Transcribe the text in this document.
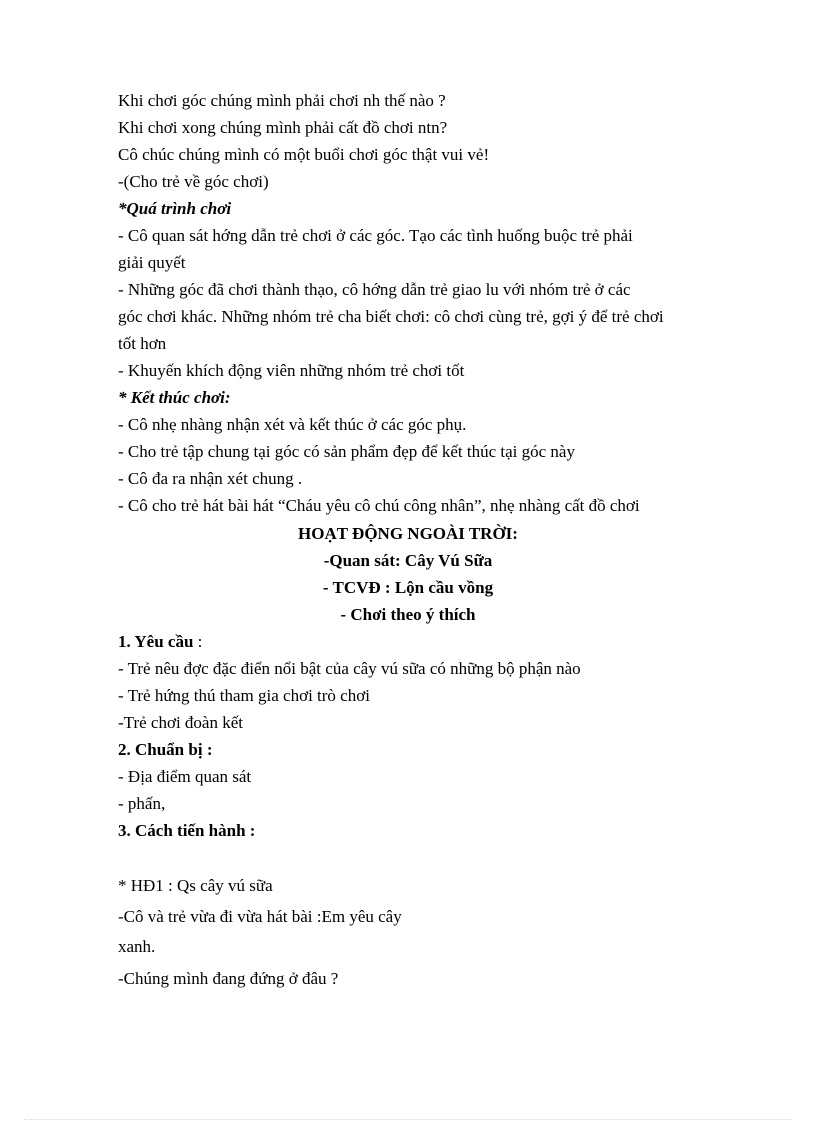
Khi chơi góc chúng mình phải chơi nh thế nào ?
Khi chơi xong chúng mình phải cất đồ chơi ntn?
Cô chúc chúng mình có một buổi chơi góc thật vui vẻ!
-(Cho trẻ về góc chơi)
*Quá trình chơi
- Cô quan sát hớng dẫn trẻ chơi ở các góc. Tạo các tình huống buộc trẻ phải
giải quyết
- Những góc đã chơi thành thạo, cô hớng dẫn trẻ giao lu với nhóm trẻ ở các
góc chơi khác. Những nhóm trẻ cha biết chơi: cô chơi cùng trẻ, gợi ý để trẻ chơi
tốt hơn
- Khuyến khích động viên những nhóm trẻ chơi tốt
* Kết thúc chơi:
- Cô nhẹ nhàng nhận xét và kết thúc ở các góc phụ.
- Cho trẻ tập chung tại góc có sản phẩm đẹp để kết thúc tại góc này
- Cô đa ra nhận xét chung .
- Cô cho trẻ hát bài hát “Cháu yêu cô chú công nhân”, nhẹ nhàng cất đồ chơi
HOẠT ĐỘNG NGOÀI TRỜI:
-Quan sát: Cây Vú Sữa
- TCVĐ : Lộn cầu vồng
- Chơi theo ý thích
1. Yêu cầu :
- Trẻ nêu đợc đặc điển nổi bật của cây vú sữa có những bộ phận nào
- Trẻ hứng thú tham gia chơi trò chơi
-Trẻ chơi đoàn kết
2. Chuẩn bị :
- Địa điểm quan sát
- phấn,
3. Cách tiến hành :
* HĐ1 : Qs cây vú sữa
-Cô và trẻ vừa đi vừa hát bài :Em yêu cây
xanh.
-Chúng mình đang đứng ở đâu ?
